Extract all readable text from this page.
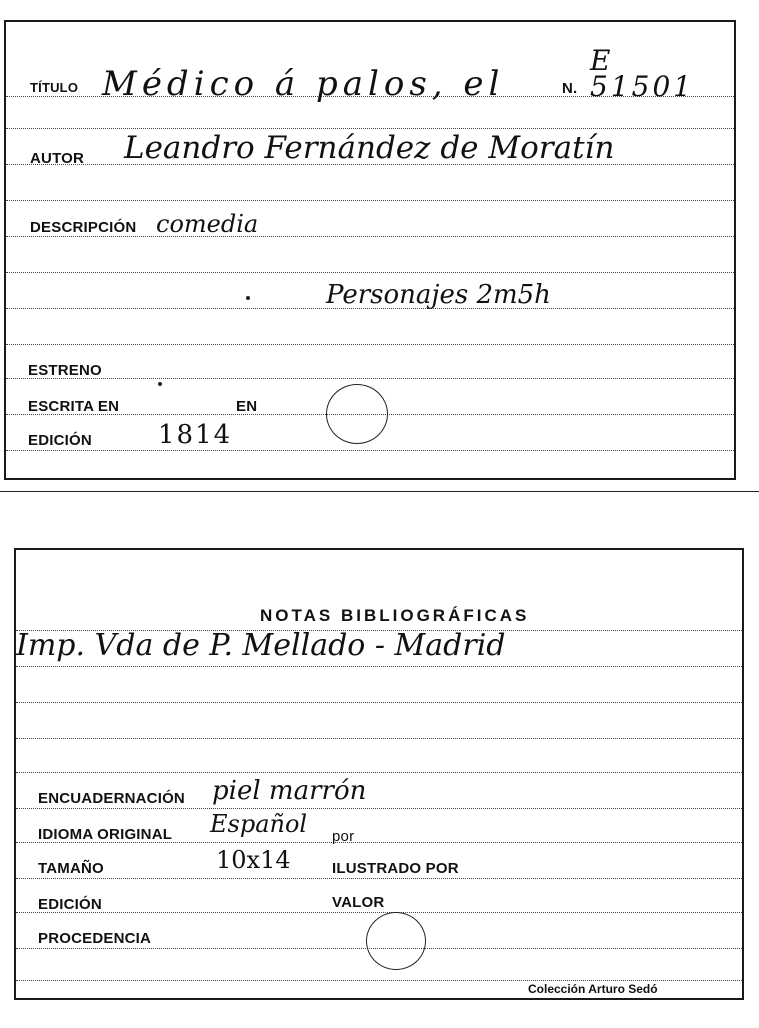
TÍTULO Médico á palos, el	N.
E 51501
AUTOR Leandro Fernández de Moratín
DESCRIPCIÓN comedia
Personajes 2m5h
ESTRENO
ESCRITA EN	EN
EDICIÓN	1814
NOTAS BIBLIOGRÁFICAS
Imp. Vda de P. Mellado - Madrid
ENCUADERNACIÓN piel marrón
IDIOMA ORIGINAL Español por
TAMAÑO	10x14	ILUSTRADO POR
EDICIÓN	VALOR
PROCEDENCIA
Colección Arturo Sedó
